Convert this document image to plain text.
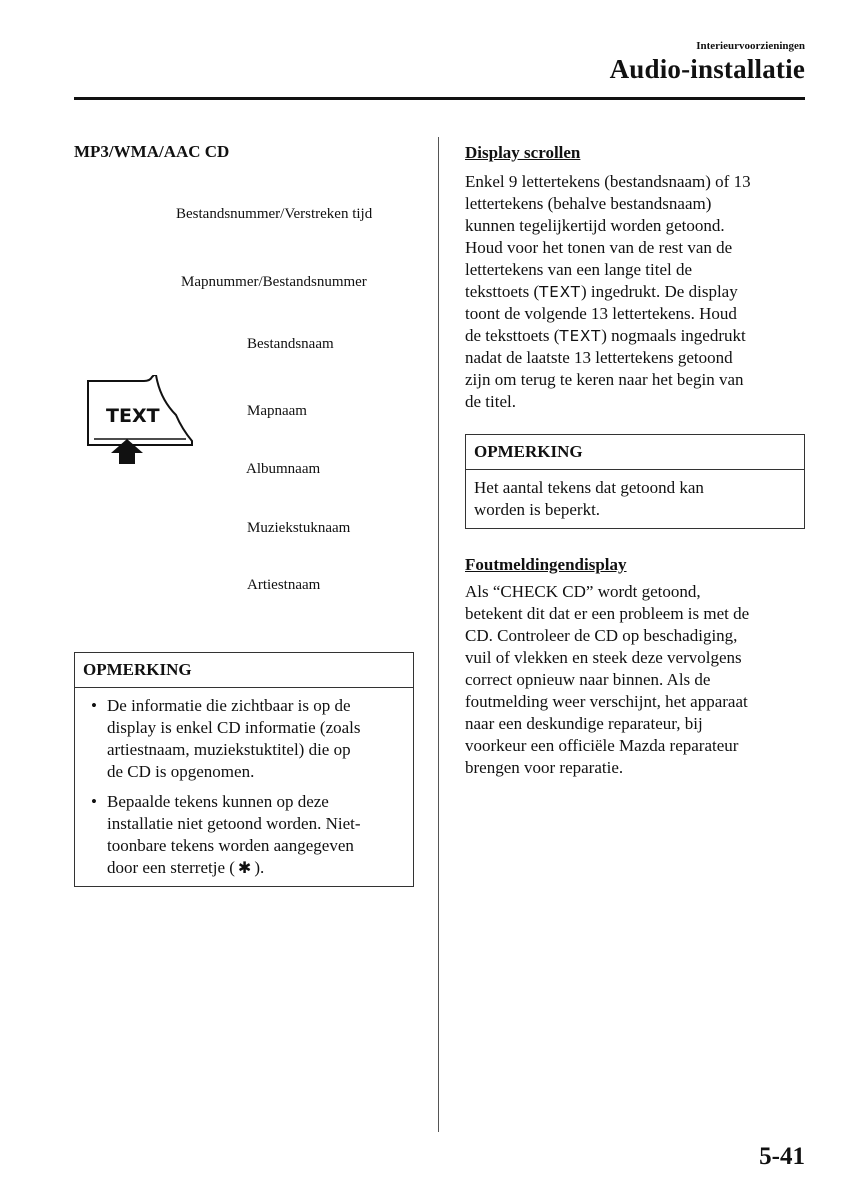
Interieurvoorzieningen
Audio-installatie
MP3/WMA/AAC CD
Bestandsnummer/Verstreken tijd
Mapnummer/Bestandsnummer
Bestandsnaam
Mapnaam
Albumnaam
Muziekstuknaam
Artiestnaam
TEXT
OPMERKING
• De informatie die zichtbaar is op de
display is enkel CD informatie (zoals
artiestnaam, muziekstuktitel) die op
de CD is opgenomen.
• Bepaalde tekens kunnen op deze
installatie niet getoond worden. Niet-
toonbare tekens worden aangegeven
door een sterretje ( ✱ ).
Display scrollen
Enkel 9 lettertekens (bestandsnaam) of 13
lettertekens (behalve bestandsnaam)
kunnen tegelijkertijd worden getoond.
Houd voor het tonen van de rest van de
lettertekens van een lange titel de
teksttoets (TEXT) ingedrukt. De display
toont de volgende 13 lettertekens. Houd
de teksttoets (TEXT) nogmaals ingedrukt
nadat de laatste 13 lettertekens getoond
zijn om terug te keren naar het begin van
de titel.
OPMERKING
Het aantal tekens dat getoond kan
worden is beperkt.
Foutmeldingendisplay
Als “CHECK CD” wordt getoond,
betekent dit dat er een probleem is met de
CD. Controleer de CD op beschadiging,
vuil of vlekken en steek deze vervolgens
correct opnieuw naar binnen. Als de
foutmelding weer verschijnt, het apparaat
naar een deskundige reparateur, bij
voorkeur een officiële Mazda reparateur
brengen voor reparatie.
5-41
